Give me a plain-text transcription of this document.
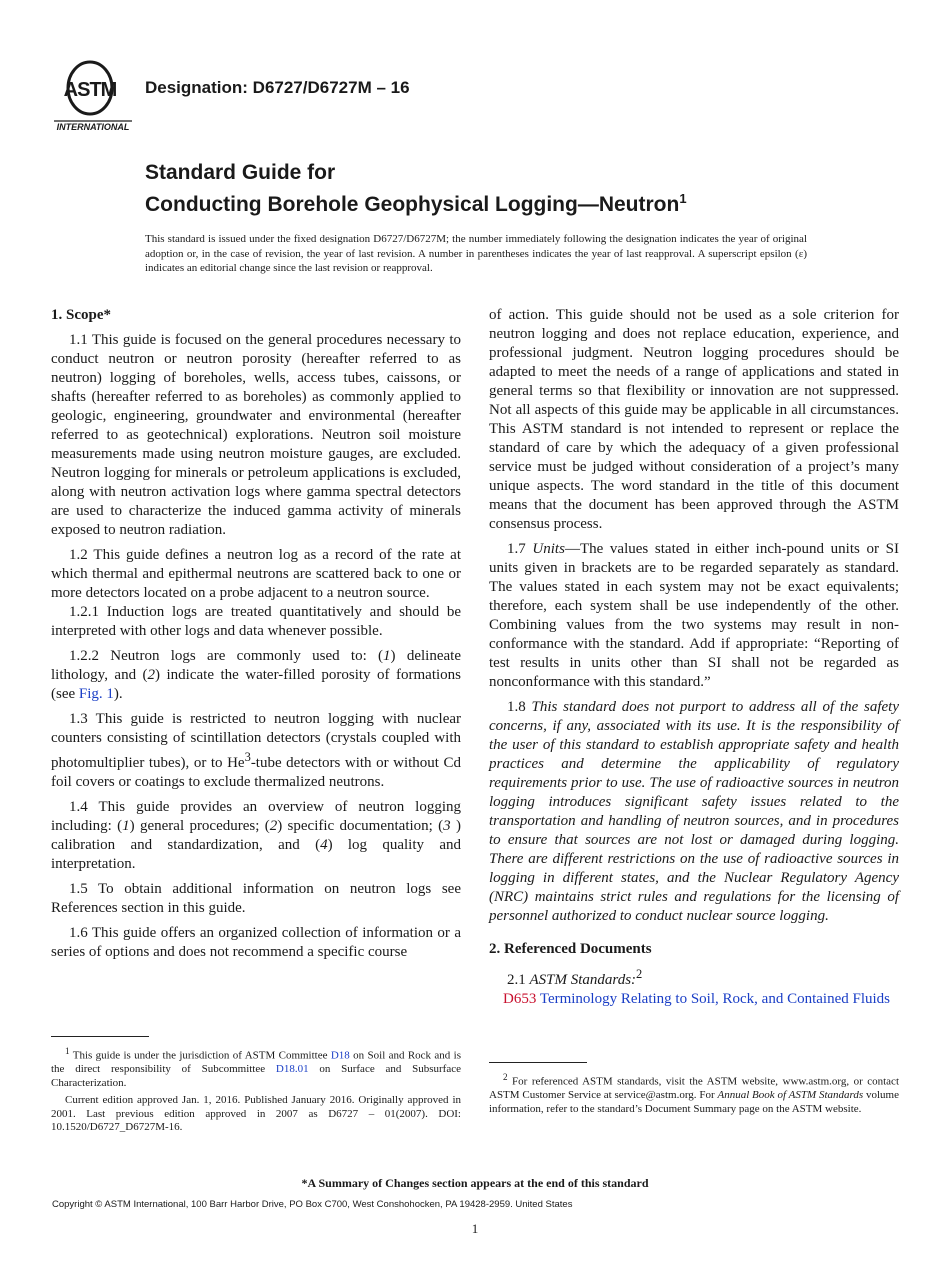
ASTM
INTERNATIONAL
Designation: D6727/D6727M – 16
Standard Guide for
Conducting Borehole Geophysical Logging—Neutron$^1$
This standard is issued under the fixed designation D6727/D6727M; the number immediately following the designation indicates the year of original adoption or, in the case of revision, the year of last revision. A number in parentheses indicates the year of last reapproval. A superscript epsilon (ε) indicates an editorial change since the last revision or reapproval.
1. Scope*

1.1 This guide is focused on the general procedures necessary to conduct neutron or neutron porosity (hereafter referred to as neutron) logging of boreholes, wells, access tubes, caissons, or shafts (hereafter referred to as boreholes) as commonly applied to geologic, engineering, groundwater and environmental (hereafter referred to as geotechnical) explorations. Neutron soil moisture measurements made using neutron moisture gauges, are excluded. Neutron logging for minerals or petroleum applications is excluded, along with neutron activation logs where gamma spectral detectors are used to characterize the induced gamma activity of minerals exposed to neutron radiation.

1.2 This guide defines a neutron log as a record of the rate at which thermal and epithermal neutrons are scattered back to one or more detectors located on a probe adjacent to a neutron source.

1.2.1 Induction logs are treated quantitatively and should be interpreted with other logs and data whenever possible.

1.2.2 Neutron logs are commonly used to: (1) delineate lithology, and (2) indicate the water-filled porosity of formations (see Fig. 1).

1.3 This guide is restricted to neutron logging with nuclear counters consisting of scintillation detectors (crystals coupled with photomultiplier tubes), or to He$^3$-tube detectors with or without Cd foil covers or coatings to exclude thermalized neutrons.

1.4 This guide provides an overview of neutron logging including: (1) general procedures; (2) specific documentation; (3 ) calibration and standardization, and (4) log quality and interpretation.

1.5 To obtain additional information on neutron logs see References section in this guide.

1.6 This guide offers an organized collection of information or a series of options and does not recommend a specific course

$^1$ This guide is under the jurisdiction of ASTM Committee D18 on Soil and Rock and is the direct responsibility of Subcommittee D18.01 on Surface and Subsurface Characterization.

Current edition approved Jan. 1, 2016. Published January 2016. Originally approved in 2001. Last previous edition approved in 2007 as D6727 – 01(2007). DOI: 10.1520/D6727_D6727M-16.

of action. This guide should not be used as a sole criterion for neutron logging and does not replace education, experience, and professional judgment. Neutron logging procedures should be adapted to meet the needs of a range of applications and stated in general terms so that flexibility or innovation are not suppressed. Not all aspects of this guide may be applicable in all circumstances. This ASTM standard is not intended to represent or replace the standard of care by which the adequacy of a given professional service must be judged without consideration of a project’s many unique aspects. The word standard in the title of this document means that the document has been approved through the ASTM consensus process.

1.7 Units—The values stated in either inch-pound units or SI units given in brackets are to be regarded separately as standard. The values stated in each system may not be exact equivalents; therefore, each system shall be use independently of the other. Combining values from the two systems may result in non-conformance with the standard. Add if appropriate: “Reporting of test results in units other than SI shall not be regarded as nonconformance with this standard.”

1.8 This standard does not purport to address all of the safety concerns, if any, associated with its use. It is the responsibility of the user of this standard to establish appropriate safety and health practices and determine the applicability of regulatory requirements prior to use. The use of radioactive sources in neutron logging introduces significant safety issues related to the transportation and handling of neutron sources, and in procedures to ensure that sources are not lost or damaged during logging. There are different restrictions on the use of radioactive sources in logging in different states, and the Nuclear Regulatory Agency (NRC) maintains strict rules and regulations for the licensing of personnel authorized to conduct nuclear source logging.

2. Referenced Documents

2.1 ASTM Standards:$^2$

D653 Terminology Relating to Soil, Rock, and Contained Fluids

$^2$ For referenced ASTM standards, visit the ASTM website, www.astm.org, or contact ASTM Customer Service at service@astm.org. For Annual Book of ASTM Standards volume information, refer to the standard’s Document Summary page on the ASTM website.

*A Summary of Changes section appears at the end of this standard
Copyright © ASTM International, 100 Barr Harbor Drive, PO Box C700, West Conshohocken, PA 19428-2959. United States
1
